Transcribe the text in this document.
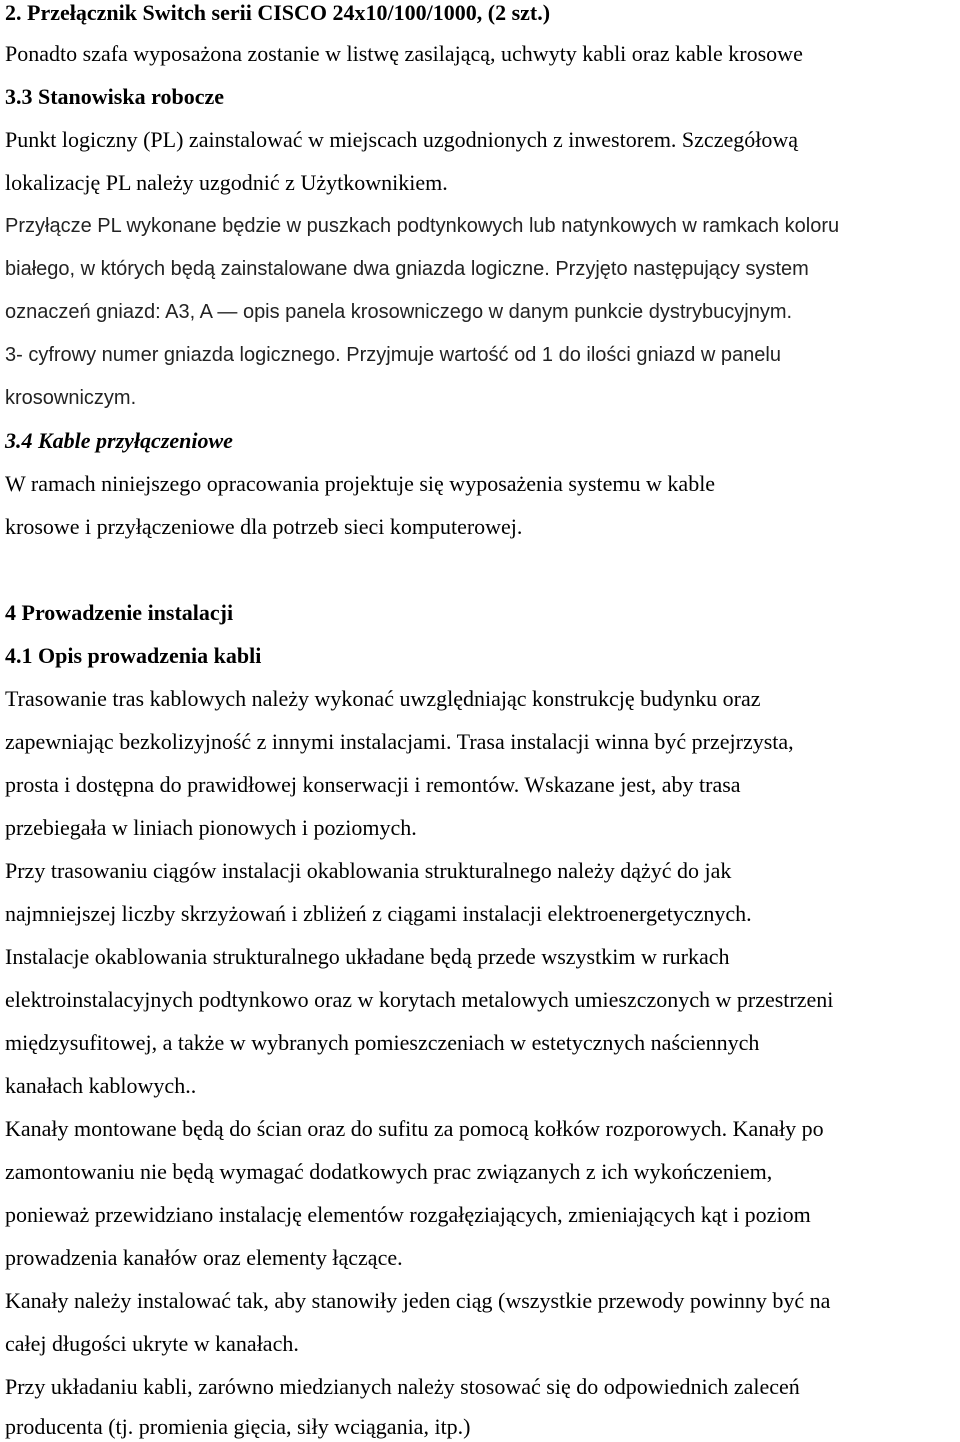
2. Przełącznik Switch serii CISCO 24x10/100/1000, (2 szt.)
Ponadto szafa wyposażona zostanie w listwę zasilającą, uchwyty kabli oraz kable krosowe
3.3 Stanowiska robocze
Punkt logiczny (PL) zainstalować w miejscach uzgodnionych z inwestorem. Szczegółową
lokalizację PL należy uzgodnić z Użytkownikiem.
Przyłącze PL wykonane będzie w puszkach podtynkowych lub natynkowych w ramkach koloru
białego, w których będą zainstalowane dwa gniazda logiczne. Przyjęto następujący system
oznaczeń gniazd: A3, A — opis panela krosowniczego w danym punkcie dystrybucyjnym.
3- cyfrowy numer gniazda logicznego. Przyjmuje wartość od 1 do ilości gniazd w panelu
krosowniczym.
3.4 Kable przyłączeniowe
W ramach niniejszego opracowania projektuje się wyposażenia systemu w kable
krosowe i przyłączeniowe dla potrzeb sieci komputerowej.
4 Prowadzenie instalacji
4.1 Opis prowadzenia kabli
Trasowanie tras kablowych należy wykonać uwzględniając konstrukcję budynku oraz
zapewniając bezkolizyjność z innymi instalacjami. Trasa instalacji winna być przejrzysta,
prosta i dostępna do prawidłowej konserwacji i remontów. Wskazane jest, aby trasa
przebiegała w liniach pionowych i poziomych.
Przy trasowaniu ciągów instalacji okablowania strukturalnego należy dążyć do jak
najmniejszej liczby skrzyżowań i zbliżeń z ciągami instalacji elektroenergetycznych.
Instalacje okablowania strukturalnego układane będą przede wszystkim w rurkach
elektroinstalacyjnych podtynkowo oraz w korytach metalowych umieszczonych w przestrzeni
międzysufitowej, a także w wybranych pomieszczeniach w estetycznych naściennych
kanałach kablowych..
Kanały montowane będą do ścian oraz do sufitu za pomocą kołków rozporowych. Kanały po
zamontowaniu nie będą wymagać dodatkowych prac związanych z ich wykończeniem,
ponieważ przewidziano instalację elementów rozgałęziających, zmieniających kąt i poziom
prowadzenia kanałów oraz elementy łączące.
Kanały należy instalować tak, aby stanowiły jeden ciąg (wszystkie przewody powinny być na
całej długości ukryte w kanałach.
Przy układaniu kabli, zarówno miedzianych należy stosować się do odpowiednich zaleceń
producenta (tj. promienia gięcia, siły wciągania, itp.)
